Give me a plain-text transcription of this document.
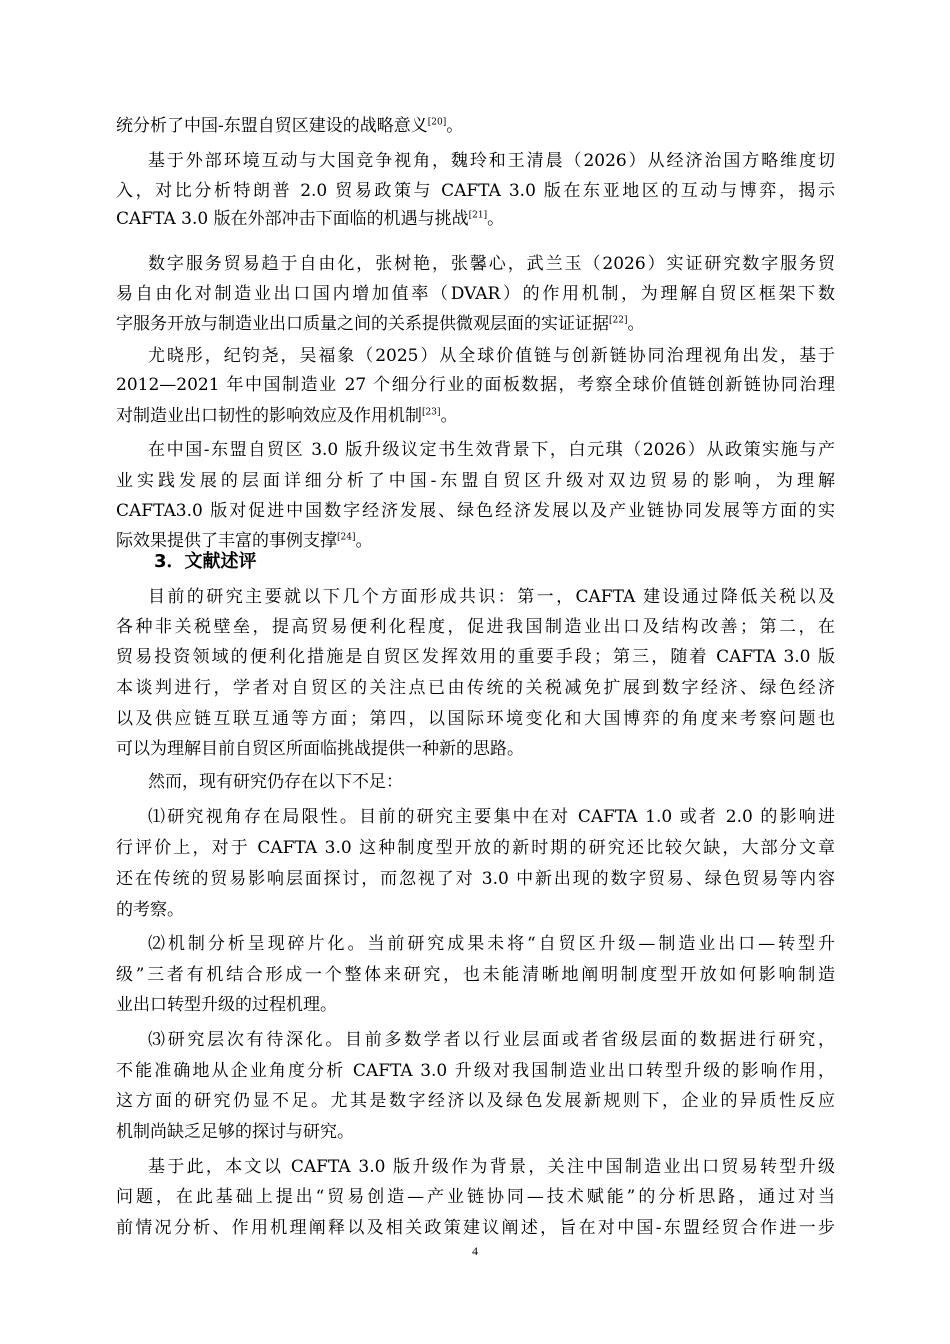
统分析了中国-东盟自贸区建设的战略意义[20]。
基于外部环境互动与大国竞争视角，魏玲和王清晨（2026）从经济治国方略维度切
入，对比分析特朗普 2.0 贸易政策与 CAFTA 3.0 版在东亚地区的互动与博弈，揭示
CAFTA 3.0 版在外部冲击下面临的机遇与挑战[21]。
数字服务贸易趋于自由化，张树艳，张馨心，武兰玉（2026）实证研究数字服务贸
易自由化对制造业出口国内增加值率（DVAR）的作用机制，为理解自贸区框架下数
字服务开放与制造业出口质量之间的关系提供微观层面的实证证据[22]。
尤晓彤，纪钧尧，吴福象（2025）从全球价值链与创新链协同治理视角出发，基于
2012—2021 年中国制造业 27 个细分行业的面板数据，考察全球价值链创新链协同治理
对制造业出口韧性的影响效应及作用机制[23]。
在中国-东盟自贸区 3.0 版升级议定书生效背景下，白元琪（2026）从政策实施与产
业实践发展的层面详细分析了中国-东盟自贸区升级对双边贸易的影响，为理解
CAFTA3.0 版对促进中国数字经济发展、绿色经济发展以及产业链协同发展等方面的实
际效果提供了丰富的事例支撑[24]。
目前的研究主要就以下几个方面形成共识：第一，CAFTA 建设通过降低关税以及
各种非关税壁垒，提高贸易便利化程度，促进我国制造业出口及结构改善；第二，在
贸易投资领域的便利化措施是自贸区发挥效用的重要手段；第三，随着 CAFTA 3.0 版
本谈判进行，学者对自贸区的关注点已由传统的关税减免扩展到数字经济、绿色经济
以及供应链互联互通等方面；第四，以国际环境变化和大国博弈的角度来考察问题也
可以为理解目前自贸区所面临挑战提供一种新的思路。
然而，现有研究仍存在以下不足：
⑴研究视角存在局限性。目前的研究主要集中在对 CAFTA 1.0 或者 2.0 的影响进
行评价上，对于 CAFTA 3.0 这种制度型开放的新时期的研究还比较欠缺，大部分文章
还在传统的贸易影响层面探讨，而忽视了对 3.0 中新出现的数字贸易、绿色贸易等内容
的考察。
⑵机制分析呈现碎片化。当前研究成果未将“自贸区升级—制造业出口—转型升
级”三者有机结合形成一个整体来研究，也未能清晰地阐明制度型开放如何影响制造
业出口转型升级的过程机理。
⑶研究层次有待深化。目前多数学者以行业层面或者省级层面的数据进行研究，
不能准确地从企业角度分析 CAFTA 3.0 升级对我国制造业出口转型升级的影响作用，
这方面的研究仍显不足。尤其是数字经济以及绿色发展新规则下，企业的异质性反应
机制尚缺乏足够的探讨与研究。
基于此，本文以 CAFTA 3.0 版升级作为背景，关注中国制造业出口贸易转型升级
问题，在此基础上提出“贸易创造—产业链协同—技术赋能”的分析思路，通过对当
前情况分析、作用机理阐释以及相关政策建议阐述，旨在对中国-东盟经贸合作进一步
3．文献述评
4
